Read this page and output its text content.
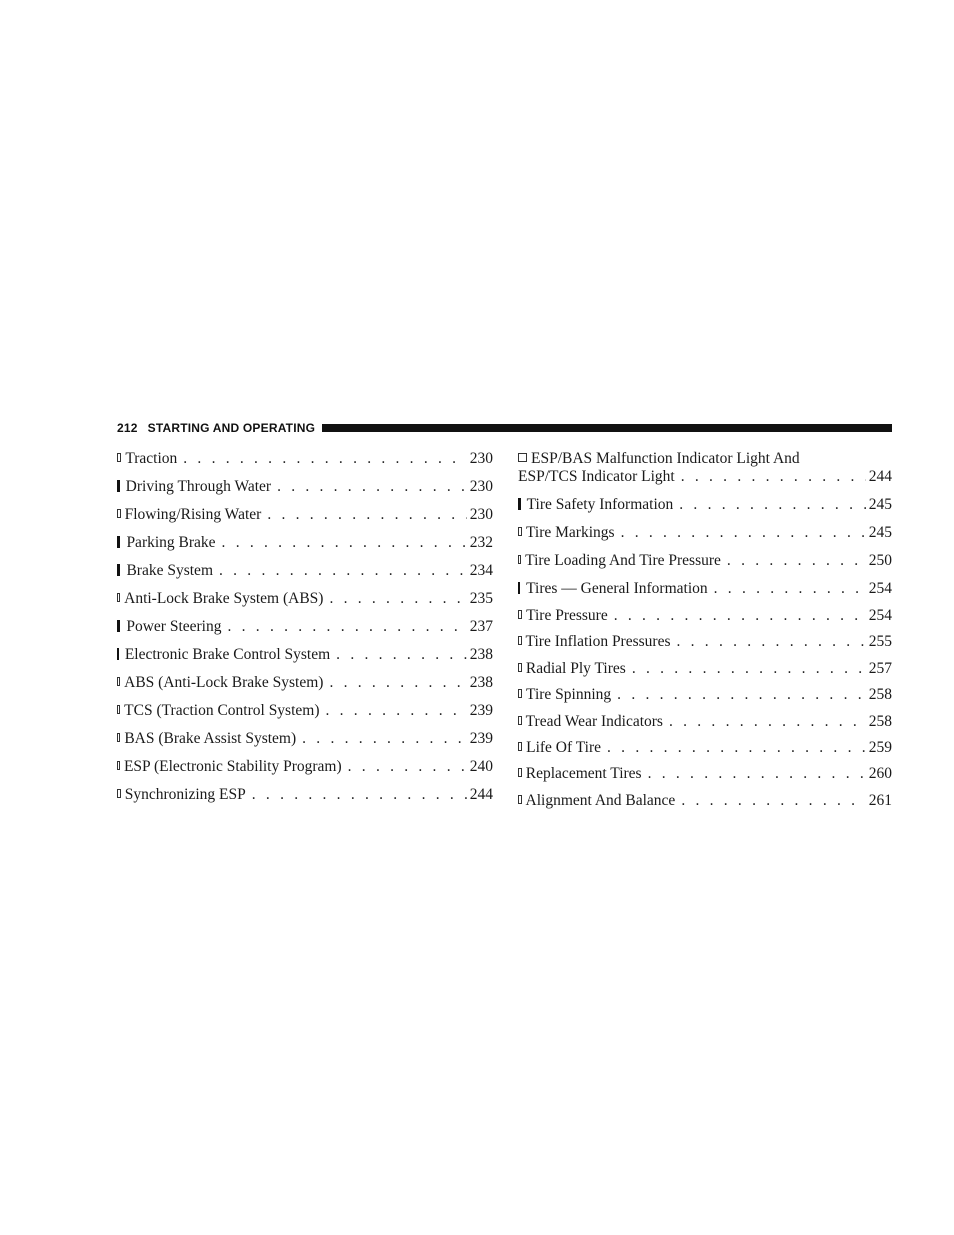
212 STARTING AND OPERATING
Traction . . .	230
Driving Through Water . . .	230
Flowing/Rising Water . . .	230
Parking Brake . . .	232
Brake System . . .	234
Anti-Lock Brake System (ABS) . . .	235
Power Steering . . .	237
Electronic Brake Control System . . .	238
ABS (Anti-Lock Brake System) . . .	238
TCS (Traction Control System) . . .	239
BAS (Brake Assist System) . . .	239
ESP (Electronic Stability Program) . . .	240
Synchronizing ESP . . .	244
ESP/BAS Malfunction Indicator Light And
ESP/TCS Indicator Light . . .	244
Tire Safety Information . . .	245
Tire Markings . . .	245
Tire Loading And Tire Pressure . . .	250
Tires — General Information . . .	254
Tire Pressure . . .	254
Tire Inflation Pressures . . .	255
Radial Ply Tires . . .	257
Tire Spinning . . .	258
Tread Wear Indicators . . .	258
Life Of Tire . . .	259
Replacement Tires . . .	260
Alignment And Balance . . .	261
